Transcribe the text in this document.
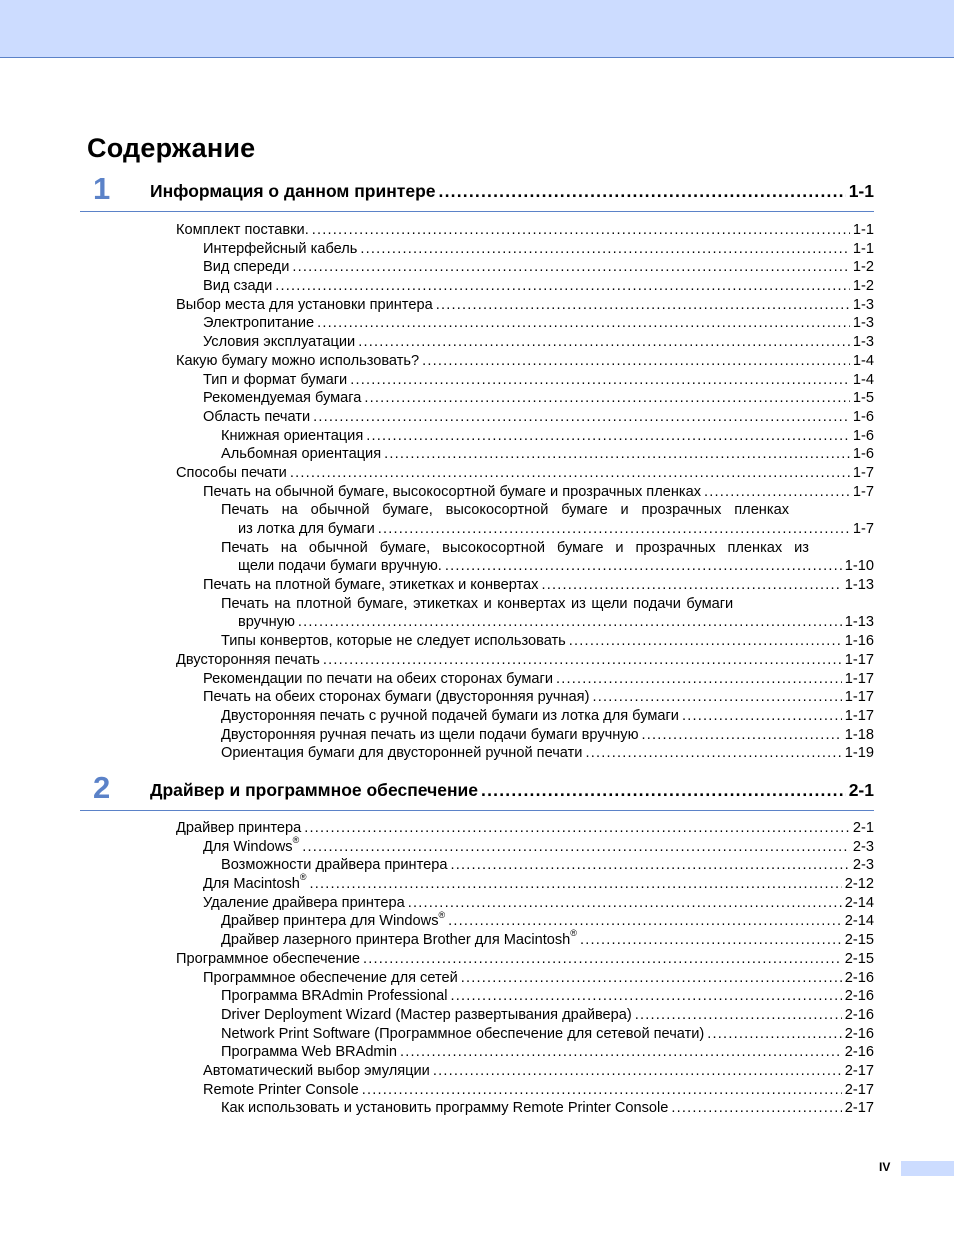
Содержание
1 Информация о данном принтере .....	1-1
Комплект поставки. .....	1-1
Интерфейсный кабель .....	1-1
Вид спереди .....	1-2
Вид сзади .....	1-2
Выбор места для установки принтера .....	1-3
Электропитание .....	1-3
Условия эксплуатации .....	1-3
Какую бумагу можно использовать? .....	1-4
Тип и формат бумаги .....	1-4
Рекомендуемая бумага .....	1-5
Область печати .....	1-6
Книжная ориентация .....	1-6
Альбомная ориентация .....	1-6
Способы печати .....	1-7
Печать на обычной бумаге, высокосортной бумаге и прозрачных пленках .....	1-7
Печать на обычной бумаге, высокосортной бумаге и прозрачных пленках
из лотка для бумаги .....	1-7
Печать на обычной бумаге, высокосортной бумаге и прозрачных пленках из
щели подачи бумаги вручную. .....	1-10
Печать на плотной бумаге, этикетках и конвертах .....	1-13
Печать на плотной бумаге, этикетках и конвертах из щели подачи бумаги
вручную .....	1-13
Типы конвертов, которые не следует использовать .....	1-16
Двусторонняя печать .....	1-17
Рекомендации по печати на обеих сторонах бумаги .....	1-17
Печать на обеих сторонах бумаги (двусторонняя ручная) .....	1-17
Двусторонняя печать с ручной подачей бумаги из лотка для бумаги .....	1-17
Двусторонняя ручная печать из щели подачи бумаги вручную .....	1-18
Ориентация бумаги для двусторонней ручной печати .....	1-19
2 Драйвер и программное обеспечение .....	2-1
Драйвер принтера .....	2-1
Для Windows® .....	2-3
Возможности драйвера принтера .....	2-3
Для Macintosh® .....	2-12
Удаление драйвера принтера .....	2-14
Драйвер принтера для Windows® .....	2-14
Драйвер лазерного принтера Brother для Macintosh® .....	2-15
Программное обеспечение .....	2-15
Программное обеспечение для сетей .....	2-16
Программа BRAdmin Professional .....	2-16
Driver Deployment Wizard (Мастер развертывания драйвера) .....	2-16
Network Print Software (Программное обеспечение для сетевой печати) .....	2-16
Программа Web BRAdmin .....	2-16
Автоматический выбор эмуляции .....	2-17
Remote Printer Console .....	2-17
Как использовать и установить программу Remote Printer Console .....	2-17
IV
